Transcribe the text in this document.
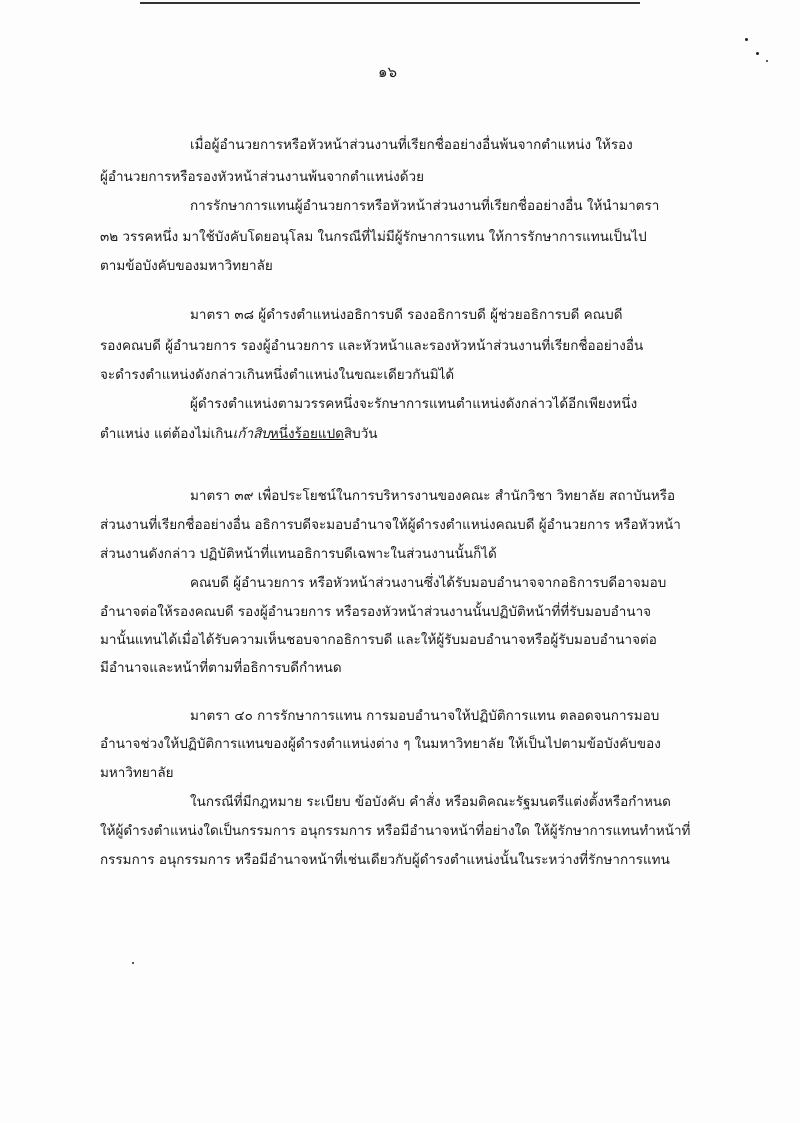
๑๖
เมื่อผู้อำนวยการหรือหัวหน้าส่วนงานที่เรียกชื่ออย่างอื่นพ้นจากตำแหน่ง ให้รอง
ผู้อำนวยการหรือรองหัวหน้าส่วนงานพ้นจากตำแหน่งด้วย
การรักษาการแทนผู้อำนวยการหรือหัวหน้าส่วนงานที่เรียกชื่ออย่างอื่น ให้นำมาตรา
๓๒ วรรคหนึ่ง มาใช้บังคับโดยอนุโลม ในกรณีที่ไม่มีผู้รักษาการแทน ให้การรักษาการแทนเป็นไป
ตามข้อบังคับของมหาวิทยาลัย
มาตรา ๓๘ ผู้ดำรงตำแหน่งอธิการบดี รองอธิการบดี ผู้ช่วยอธิการบดี คณบดี
รองคณบดี ผู้อำนวยการ รองผู้อำนวยการ และหัวหน้าและรองหัวหน้าส่วนงานที่เรียกชื่ออย่างอื่น
จะดำรงตำแหน่งดังกล่าวเกินหนึ่งตำแหน่งในขณะเดียวกันมิได้
ผู้ดำรงตำแหน่งตามวรรคหนึ่งจะรักษาการแทนตำแหน่งดังกล่าวได้อีกเพียงหนึ่ง
ตำแหน่ง แต่ต้องไม่เกินเก้าสิบหนึ่งร้อยแปดสิบวัน
มาตรา ๓๙ เพื่อประโยชน์ในการบริหารงานของคณะ สำนักวิชา วิทยาลัย สถาบันหรือ
ส่วนงานที่เรียกชื่ออย่างอื่น อธิการบดีจะมอบอำนาจให้ผู้ดำรงตำแหน่งคณบดี ผู้อำนวยการ หรือหัวหน้า
ส่วนงานดังกล่าว ปฏิบัติหน้าที่แทนอธิการบดีเฉพาะในส่วนงานนั้นก็ได้
คณบดี ผู้อำนวยการ หรือหัวหน้าส่วนงานซึ่งได้รับมอบอำนาจจากอธิการบดีอาจมอบ
อำนาจต่อให้รองคณบดี รองผู้อำนวยการ หรือรองหัวหน้าส่วนงานนั้นปฏิบัติหน้าที่ที่รับมอบอำนาจ
มานั้นแทนได้เมื่อได้รับความเห็นชอบจากอธิการบดี และให้ผู้รับมอบอำนาจหรือผู้รับมอบอำนาจต่อ
มีอำนาจและหน้าที่ตามที่อธิการบดีกำหนด
มาตรา ๔๐ การรักษาการแทน การมอบอำนาจให้ปฏิบัติการแทน ตลอดจนการมอบ
อำนาจช่วงให้ปฏิบัติการแทนของผู้ดำรงตำแหน่งต่าง ๆ ในมหาวิทยาลัย ให้เป็นไปตามข้อบังคับของ
มหาวิทยาลัย
ในกรณีที่มีกฎหมาย ระเบียบ ข้อบังคับ คำสั่ง หรือมติคณะรัฐมนตรีแต่งตั้งหรือกำหนด
ให้ผู้ดำรงตำแหน่งใดเป็นกรรมการ อนุกรรมการ หรือมีอำนาจหน้าที่อย่างใด ให้ผู้รักษาการแทนทำหน้าที่
กรรมการ อนุกรรมการ หรือมีอำนาจหน้าที่เช่นเดียวกับผู้ดำรงตำแหน่งนั้นในระหว่างที่รักษาการแทน
